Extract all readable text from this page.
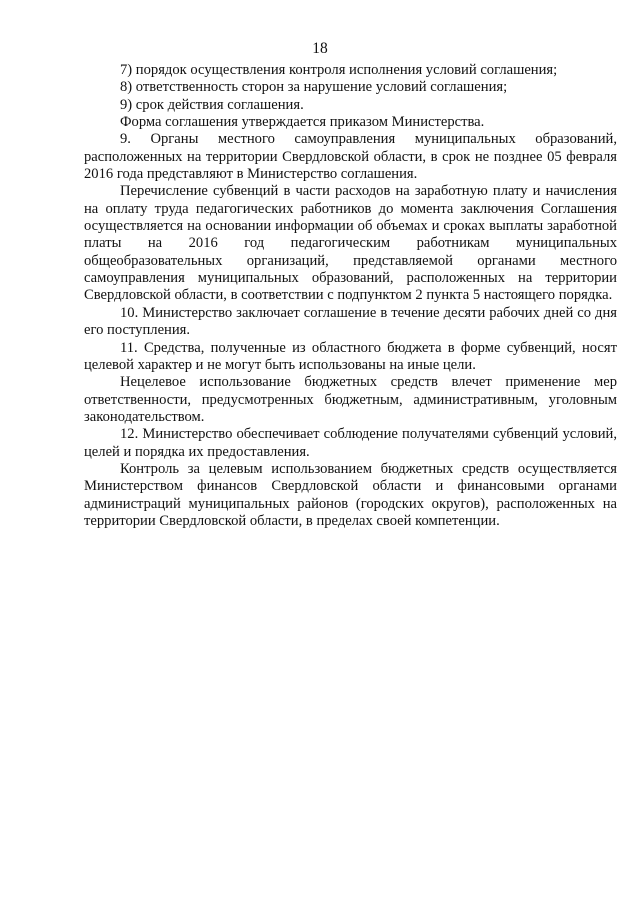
18

7) порядок осуществления контроля исполнения условий соглашения;

8) ответственность сторон за нарушение условий соглашения;

9) срок действия соглашения.

Форма соглашения утверждается приказом Министерства.

9. Органы местного самоуправления муниципальных образований, расположенных на территории Свердловской области, в срок не позднее 05 февраля 2016 года представляют в Министерство соглашения.

Перечисление субвенций в части расходов на заработную плату и начисления на оплату труда педагогических работников до момента заключения Соглашения осуществляется на основании информации об объемах и сроках выплаты заработной платы на 2016 год педагогическим работникам муниципальных общеобразовательных организаций, представляемой органами местного самоуправления муниципальных образований, расположенных на территории Свердловской области, в соответствии с подпунктом 2 пункта 5 настоящего порядка.

10. Министерство заключает соглашение в течение десяти рабочих дней со дня его поступления.

11. Средства, полученные из областного бюджета в форме субвенций, носят целевой характер и не могут быть использованы на иные цели.

Нецелевое использование бюджетных средств влечет применение мер ответственности, предусмотренных бюджетным, административным, уголовным законодательством.

12. Министерство обеспечивает соблюдение получателями субвенций условий, целей и порядка их предоставления.

Контроль за целевым использованием бюджетных средств осуществляется Министерством финансов Свердловской области и финансовыми органами администраций муниципальных районов (городских округов), расположенных на территории Свердловской области, в пределах своей компетенции.
